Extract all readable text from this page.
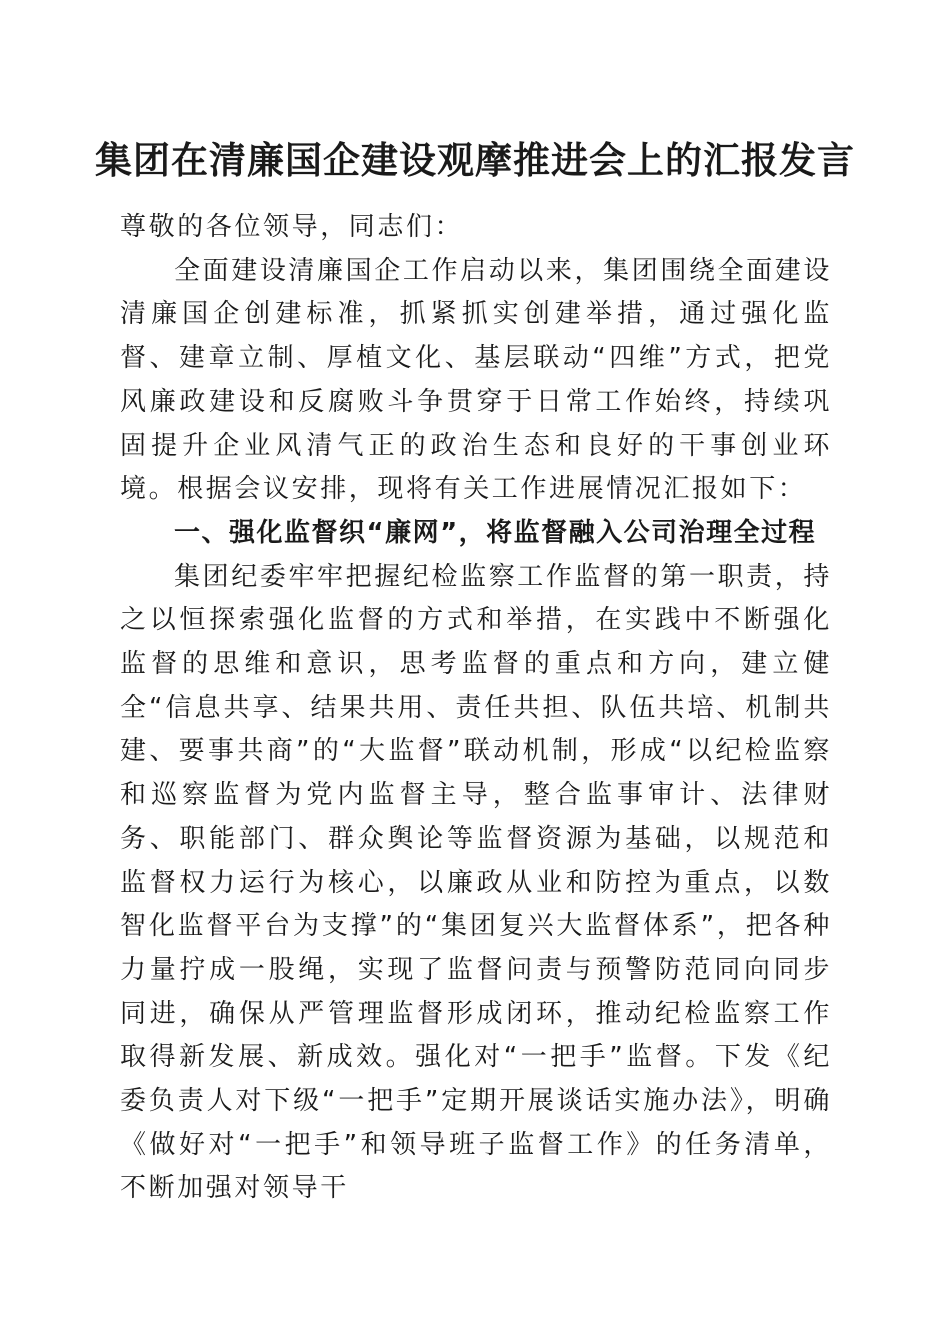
集团在清廉国企建设观摩推进会上的汇报发言

尊敬的各位领导，同志们：

全面建设清廉国企工作启动以来，集团围绕全面建设清廉国企创建标准，抓紧抓实创建举措，通过强化监督、建章立制、厚植文化、基层联动“四维”方式，把党风廉政建设和反腐败斗争贯穿于日常工作始终，持续巩固提升企业风清气正的政治生态和良好的干事创业环境。根据会议安排，现将有关工作进展情况汇报如下：

一、强化监督织“廉网”，将监督融入公司治理全过程

集团纪委牢牢把握纪检监察工作监督的第一职责，持之以恒探索强化监督的方式和举措，在实践中不断强化监督的思维和意识，思考监督的重点和方向，建立健全“信息共享、结果共用、责任共担、队伍共培、机制共建、要事共商”的“大监督”联动机制，形成“以纪检监察和巡察监督为党内监督主导，整合监事审计、法律财务、职能部门、群众舆论等监督资源为基础，以规范和监督权力运行为核心，以廉政从业和防控为重点，以数智化监督平台为支撑”的“集团复兴大监督体系”，把各种力量拧成一股绳，实现了监督问责与预警防范同向同步同进，确保从严管理监督形成闭环，推动纪检监察工作取得新发展、新成效。强化对“一把手”监督。下发《纪委负责人对下级“一把手”定期开展谈话实施办法》，明确《做好对“一把手”和领导班子监督工作》的任务清单，不断加强对领导干
